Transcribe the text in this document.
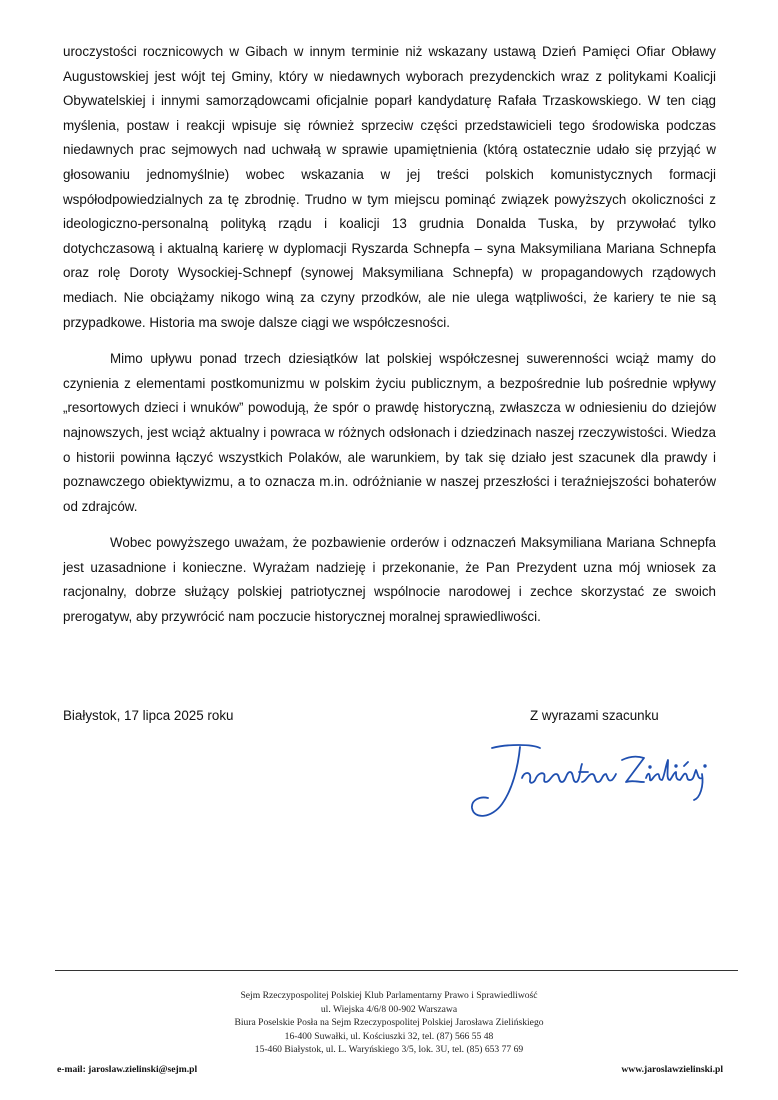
uroczystości rocznicowych w Gibach w innym terminie niż wskazany ustawą Dzień Pamięci Ofiar Obławy Augustowskiej jest wójt tej Gminy, który w niedawnych wyborach prezydenckich wraz z politykami Koalicji Obywatelskiej i innymi samorządowcami oficjalnie poparł kandydaturę Rafała Trzaskowskiego. W ten ciąg myślenia, postaw i reakcji wpisuje się również sprzeciw części przedstawicieli tego środowiska podczas niedawnych prac sejmowych nad uchwałą w sprawie upamiętnienia (którą ostatecznie udało się przyjąć w głosowaniu jednomyślnie) wobec wskazania w jej treści polskich komunistycznych formacji współodpowiedzialnych za tę zbrodnię. Trudno w tym miejscu pominąć związek powyższych okoliczności z ideologiczno-personalną polityką rządu i koalicji 13 grudnia Donalda Tuska, by przywołać tylko dotychczasową i aktualną karierę w dyplomacji Ryszarda Schnepfa – syna Maksymiliana Mariana Schnepfa oraz rolę Doroty Wysockiej-Schnepf (synowej Maksymiliana Schnepfa) w propagandowych rządowych mediach. Nie obciążamy nikogo winą za czyny przodków, ale nie ulega wątpliwości, że kariery te nie są przypadkowe. Historia ma swoje dalsze ciągi we współczesności.

Mimo upływu ponad trzech dziesiątków lat polskiej współczesnej suwerenności wciąż mamy do czynienia z elementami postkomunizmu w polskim życiu publicznym, a bezpośrednie lub pośrednie wpływy „resortowych dzieci i wnuków” powodują, że spór o prawdę historyczną, zwłaszcza w odniesieniu do dziejów najnowszych, jest wciąż aktualny i powraca w różnych odsłonach i dziedzinach naszej rzeczywistości. Wiedza o historii powinna łączyć wszystkich Polaków, ale warunkiem, by tak się działo jest szacunek dla prawdy i poznawczego obiektywizmu, a to oznacza m.in. odróżnianie w naszej przeszłości i teraźniejszości bohaterów od zdrajców.

Wobec powyższego uważam, że pozbawienie orderów i odznaczeń Maksymiliana Mariana Schnepfa jest uzasadnione i konieczne. Wyrażam nadzieję i przekonanie, że Pan Prezydent uzna mój wniosek za racjonalny, dobrze służący polskiej patriotycznej wspólnocie narodowej i zechce skorzystać ze swoich prerogatyw, aby przywrócić nam poczucie historycznej moralnej sprawiedliwości.

Białystok, 17 lipca 2025 roku	Z wyrazami szacunku
Sejm Rzeczypospolitej Polskiej Klub Parlamentarny Prawo i Sprawiedliwość
ul. Wiejska 4/6/8 00-902 Warszawa
Biura Poselskie Posła na Sejm Rzeczypospolitej Polskiej Jarosława Zielińskiego
16-400 Suwałki, ul. Kościuszki 32, tel. (87) 566 55 48
15-460 Białystok, ul. L. Waryńskiego 3/5, lok. 3U, tel. (85) 653 77 69
e-mail: jaroslaw.zielinski@sejm.pl	www.jaroslawzielinski.pl
